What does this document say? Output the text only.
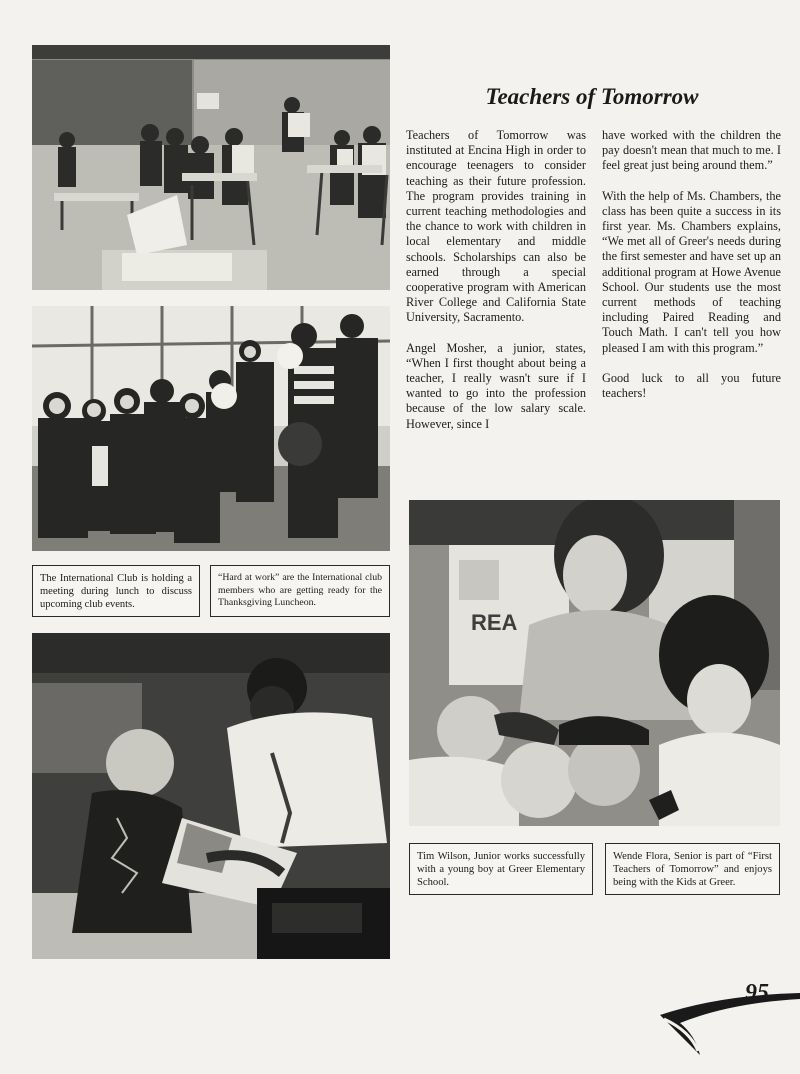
The International Club is holding a meeting during lunch to discuss upcoming club events.
“Hard at work” are the International club members who are getting ready for the Thanksgiving Luncheon.
Teachers of Tomorrow

Teachers of Tomorrow was instituted at Encina High in order to encourage teenagers to consider teaching as their future profession. The program provides training in current teaching methodologies and the chance to work with children in local elementary and middle schools. Scholarships can also be earned through a special cooperative program with American River College and California State University, Sacramento.

Angel Mosher, a junior, states, “When I first thought about being a teacher, I really wasn't sure if I wanted to go into the profession because of the low salary scale. However, since I

have worked with the children the pay doesn't mean that much to me. I feel great just being around them.”

With the help of Ms. Chambers, the class has been quite a success in its first year. Ms. Chambers explains, “We met all of Greer's needs during the first semester and have set up an additional program at Howe Avenue School. Our students use the most current methods of teaching including Paired Reading and Touch Math. I can't tell you how pleased I am with this program.”

Good luck to all you future teachers!

REA
Tim Wilson, Junior works successfully with a young boy at Greer Elementary School.
Wende Flora, Senior is part of “First Teachers of Tomorrow” and enjoys being with the Kids at Greer.
95
